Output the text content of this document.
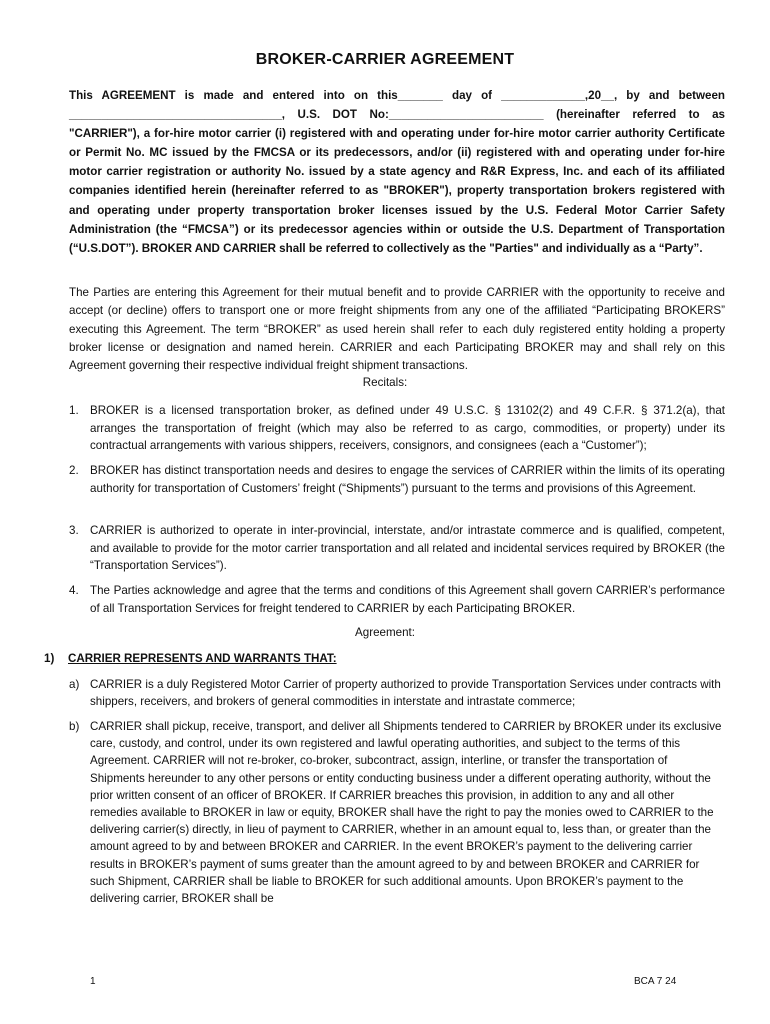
BROKER-CARRIER AGREEMENT
This AGREEMENT is made and entered into on this_______ day of _____________,20__, by and between _________________________________, U.S. DOT No:________________________ (hereinafter referred to as "CARRIER"), a for-hire motor carrier (i) registered with and operating under for-hire motor carrier authority Certificate or Permit No. MC issued by the FMCSA or its predecessors, and/or (ii) registered with and operating under for-hire motor carrier registration or authority No. issued by a state agency and R&R Express, Inc. and each of its affiliated companies identified herein (hereinafter referred to as "BROKER"), property transportation brokers registered with and operating under property transportation broker licenses issued by the U.S. Federal Motor Carrier Safety Administration (the “FMCSA”) or its predecessor agencies within or outside the U.S. Department of Transportation (“U.S.DOT”). BROKER AND CARRIER shall be referred to collectively as the "Parties" and individually as a “Party”.
The Parties are entering this Agreement for their mutual benefit and to provide CARRIER with the opportunity to receive and accept (or decline) offers to transport one or more freight shipments from any one of the affiliated “Participating BROKERS” executing this Agreement. The term “BROKER” as used herein shall refer to each duly registered entity holding a property broker license or designation and named herein. CARRIER and each Participating BROKER may and shall rely on this Agreement governing their respective individual freight shipment transactions.
Recitals:
1. BROKER is a licensed transportation broker, as defined under 49 U.S.C. § 13102(2) and 49 C.F.R. § 371.2(a), that arranges the transportation of freight (which may also be referred to as cargo, commodities, or property) under its contractual arrangements with various shippers, receivers, consignors, and consignees (each a “Customer”);
2. BROKER has distinct transportation needs and desires to engage the services of CARRIER within the limits of its operating authority for transportation of Customers’ freight (“Shipments”) pursuant to the terms and provisions of this Agreement.
3. CARRIER is authorized to operate in inter-provincial, interstate, and/or intrastate commerce and is qualified, competent, and available to provide for the motor carrier transportation and all related and incidental services required by BROKER (the “Transportation Services”).
4. The Parties acknowledge and agree that the terms and conditions of this Agreement shall govern CARRIER’s performance of all Transportation Services for freight tendered to CARRIER by each Participating BROKER.
Agreement:
1) CARRIER REPRESENTS AND WARRANTS THAT:
a) CARRIER is a duly Registered Motor Carrier of property authorized to provide Transportation Services under contracts with shippers, receivers, and brokers of general commodities in interstate and intrastate commerce;
b) CARRIER shall pickup, receive, transport, and deliver all Shipments tendered to CARRIER by BROKER under its exclusive care, custody, and control, under its own registered and lawful operating authorities, and subject to the terms of this Agreement. CARRIER will not re-broker, co-broker, subcontract, assign, interline, or transfer the transportation of Shipments hereunder to any other persons or entity conducting business under a different operating authority, without the prior written consent of an officer of BROKER. If CARRIER breaches this provision, in addition to any and all other remedies available to BROKER in law or equity, BROKER shall have the right to pay the monies owed to CARRIER to the delivering carrier(s) directly, in lieu of payment to CARRIER, whether in an amount equal to, less than, or greater than the amount agreed to by and between BROKER and CARRIER. In the event BROKER’s payment to the delivering carrier results in BROKER’s payment of sums greater than the amount agreed to by and between BROKER and CARRIER for such Shipment, CARRIER shall be liable to BROKER for such additional amounts. Upon BROKER’s payment to the delivering carrier, BROKER shall be
1	BCA 7 24
